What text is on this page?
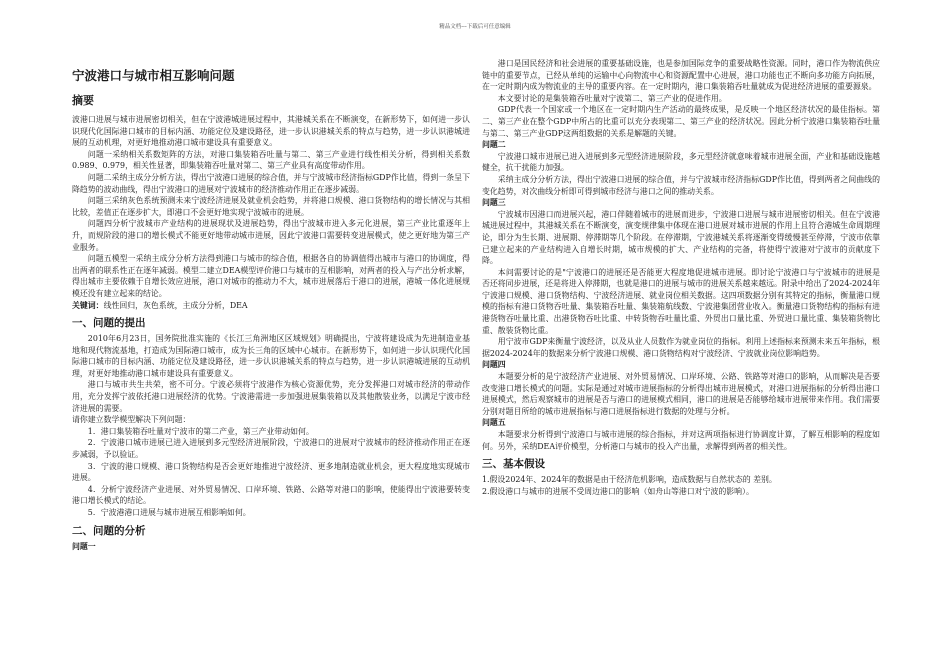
精品文档---下载后可任意编辑
宁波港口与城市相互影响问题
摘要

波港口进展与城市进展密切相关，但在宁波港城进展过程中，其港城关系在不断演变，在新形势下，如何进一步认识现代化国际港口城市的目标内涵、功能定位及建设路径，进一步认识港城关系的特点与趋势，进一步认识港城进展的互动机理，对更好地推动港口城市建设具有重要意义。

问题一采纳相关系数矩阵的方法，对港口集装箱吞吐量与第二、第三产业进行线性相关分析，得到相关系数0.989、0.979，相关性显著，即集装箱吞吐量对第二、第三产业具有高度带动作用。

问题二采纳主成分分析方法，得出宁波港口进展的综合值，并与宁波城市经济指标GDP作比值，得到一条呈下降趋势的波动曲线，得出宁波港口的进展对宁波城市的经济推动作用正在逐步减弱。

问题三采纳灰色系统预测未来宁波经济进展及就业机会趋势，并将港口规模、港口货物结构的增长情况与其相比较，差值正在逐步扩大，即港口不会更好地实现宁波城市的进展。

问题四分析宁波城市产业结构的进展现状及进展趋势，得出宁波城市进入多元化进展，第三产业比重逐年上升，而规阶段的港口的增长模式不能更好地带动城市进展，因此宁波港口需要转变进展模式，使之更好地为第三产业服务。

问题五模型一采纳主成分分析方法得到港口与城市的综合值，根据各自的协调值得出城市与港口的协调度，得出两者的联系性正在逐年减弱。模型二建立DEA模型评价港口与城市的互相影响，对两者的投入与产出分析求解，得出城市主要依赖于自增长效应进展，港口对城市的推动力不大，城市进展落后于港口的进展，港城一体化进展规模还没有建立起来的结论。

关键词：线性回归，灰色系统，主成分分析，DEA

一、问题的提出

2010年6月23日，国务院批准实施的《长江三角洲地区区域规划》明确提出，宁波将建设成为先进制造业基地和现代物流基地，打造成为国际港口城市，成为长三角的区域中心城市。在新形势下，如何进一步认识现代化国际港口城市的目标内涵、功能定位及建设路径，进一步认识港城关系的特点与趋势，进一步认识港城进展的互动机理，对更好地推动港口城市建设具有重要意义。

港口与城市共生共荣，密不可分。宁波必须将宁波港作为核心资源优势，充分发挥港口对城市经济的带动作用，充分发挥宁波依托港口进展经济的优势。宁波港需进一步加强进展集装箱以及其他散装业务，以满足宁波市经济进展的需要。

请你建立数学模型解决下列问题：

1．港口集装箱吞吐量对宁波市的第二产业，第三产业带动如何。

2．宁波港口城市进展已进入进展到多元型经济进展阶段，宁波港口的进展对宁波城市的经济推动作用正在逐步减弱，予以验证。

3．宁波的港口规模、港口货物结构是否会更好地推进宁波经济、更多地制造就业机会，更大程度地实现城市进展。

4．分析宁波经济产业进展、对外贸易情况、口岸环境、铁路、公路等对港口的影响，使能得出宁波港要转变港口增长模式的结论。

5．宁波港港口进展与城市进展互相影响如何。

二、问题的分析
问题一

港口是国民经济和社会进展的重要基础设施，也是参加国际竞争的重要战略性资源。同时，港口作为物流供应链中的重要节点，已经从单纯的运输中心向物流中心和资源配置中心进展，港口功能也正不断向多功能方向拓展，在一定时期内成为物流业的主导的重要内容。在一定时期内，港口集装箱吞吐量就成为促进经济进展的重要源泉。

本文要讨论的是集装箱吞吐量对宁波第二、第三产业的促进作用。

GDP代表一个国家或一个地区在一定时期内生产活动的最终成果，是反映一个地区经济状况的最佳指标。第二、第三产业在整个GDP中所占的比重可以充分表现第二、第三产业的经济状况。因此分析宁波港口集装箱吞吐量与第二、第三产业GDP这两组数据的关系是解题的关键。

问题二

宁波港口城市进展已进入进展到多元型经济进展阶段，多元型经济就意味着城市进展全面，产业和基础设施越健全，抗干扰能力加强。

采纳主成分分析方法，得出宁波港口进展的综合值，并与宁波城市经济指标GDP作比值，得到两者之间曲线的变化趋势，对次曲线分析即可得到城市经济与港口之间的推动关系。

问题三

宁波城市因港口而进展兴起，港口伴随着城市的进展而进步，宁波港口进展与城市进展密切相关。但在宁波港城进展过程中，其港城关系在不断演变，演变规律集中体现在港口进展对城市进展的作用上且符合港城生命周期理论，即分为生长期、进展期、停滞期等几个阶段。在停滞期，宁波港城关系将逐渐变得缓慢甚至停滞，宁波市依靠已建立起来的产业结构进入自增长时期，城市规模的扩大、产业结构的完备，将使得宁波港对宁波市的贡献度下降。

本问需要讨论的是"宁波港口的进展还是否能更大程度地促进城市进展。即讨论宁波港口与宁波城市的进展是否还将同步进展，还是将进入停滞期，也就是港口的进展与城市的进展关系越来越远。附录中给出了2024-2024年宁波港口规模、港口货物结构、宁波经济进展、就业岗位相关数据。这四项数据分别有其特定的指标，衡量港口规模的指标有港口货物吞吐量、集装箱吞吐量、集装箱航线数、宁波港集团营业收入。衡量港口货物结构的指标有进港货物吞吐量比重、出港货物吞吐比重、中转货物吞吐量比重、外贸出口量比重、外贸进口量比重、集装箱货物比重、散装货物比重。

用宁波市GDP来衡量宁波经济，以及从业人员数作为就业岗位的指标。利用上述指标来预测未来五年指标，根据2024-2024年的数据来分析宁波港口规模、港口货物结构对宁波经济、宁波就业岗位影响趋势。

问题四

本题要分析的是宁波经济产业进展、对外贸易情况、口岸环境、公路、铁路等对港口的影响，从而解决是否要改变港口增长模式的问题。实际是通过对城市进展指标的分析得出城市进展模式，对港口进展指标的分析得出港口进展模式，然后观察城市的进展是否与港口的进展模式相同，港口的进展是否能够给城市进展带来作用。我们需要分别对题目所给的城市进展指标与港口进展指标进行数据的处理与分析。

问题五

本题要求分析得到宁波港口与城市进展的综合指标，并对这两项指标进行协调度计算，了解互相影响的程度如何。另外，采纳DEA评价模型，分析港口与城市的投入产出量，求解得到两者的相关性。

三、基本假设

1.假设2024年、2024年的数据是由于经济危机影响，造成数据与自然状态的 差别。

2.假设港口与城市的进展不受周边港口的影响（如舟山等港口对宁波的影响）。
